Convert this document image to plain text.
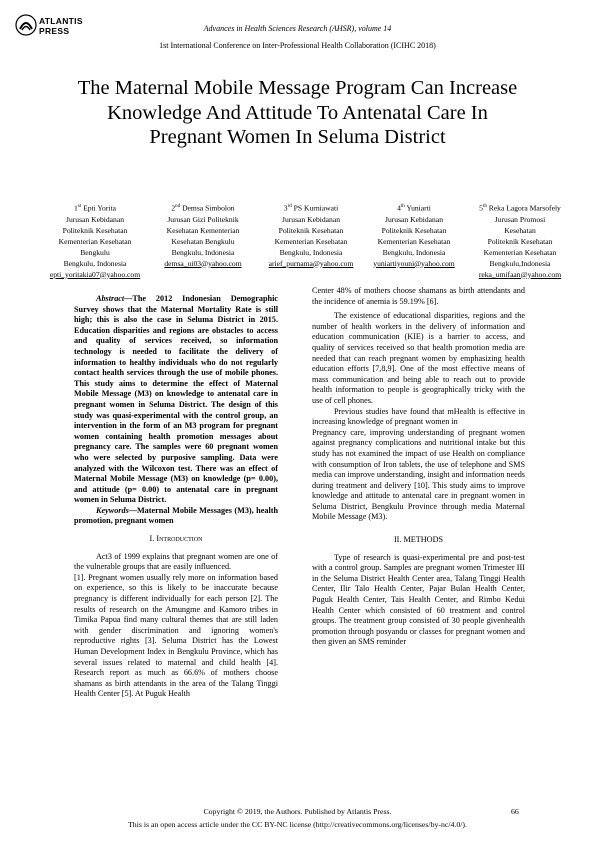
ATLANTIS
PRESS	Advances in Health Sciences Research (AHSR), volume 14
1st International Conference on Inter-Professional Health Collaboration (ICIHC 2018)
The Maternal Mobile Message Program Can Increase Knowledge And Attitude To Antenatal Care In Pregnant Women In Seluma District
1st Epti Yorita
Jurusan Kebidanan
Politeknik Kesehatan
Kementerian Kesehatan
Bengkulu
Bengkulu, Indonesia
epti_yoritakia07@yahoo.com
2nd Demsa Simbolon
Jurusan Gizi Politeknik
Kesehatan Kementerian
Kesehatan Bengkulu
Bengkulu, Indonesia
demsa_ui03@yahoo.com
3rd PS Kurniawati
Jurusan Kebidanan
Politeknik Kesehatan
Kementerian Kesehatan
Bengkulu, Indonesia
arief_purnama@yahoo.com
4th Yuniarti
Jurusan Kebidanan
Politeknik Kesehatan
Kementerian Kesehatan
Bengkulu, Indonesia
yuniartiyouni@yahoo.com
5th Reka Lagora Marsofely
Jurusan Promosi
Kesehatan
Politeknik Kesehatan
Kementerian Kesehatan
Bengkulu,Indonesia
reka_umifaan@yahoo.com

Abstract—The 2012 Indonesian Demographic Survey shows that the Maternal Mortality Rate is still high; this is also the case in Seluma District in 2015. Education disparities and regions are obstacles to access and quality of services received, so information technology is needed to facilitate the delivery of information to healthy individuals who do not regularly contact health services through the use of mobile phones. This study aims to determine the effect of Maternal Mobile Message (M3) on knowledge to antenatal care in pregnant women in Seluma District. The design of this study was quasi-experimental with the control group, an intervention in the form of an M3 program for pregnant women containing health promotion messages about pregnancy care. The samples were 60 pregnant women who were selected by purposive sampling. Data were analyzed with the Wilcoxon test. There was an effect of Maternal Mobile Message (M3) on knowledge (p= 0.00), and attitude (p= 0.00) to antenatal care in pregnant women in Seluma District.

Keywords—Maternal Mobile Messages (M3), health promotion, pregnant women

I. Introduction

Act3 of 1999 explains that pregnant women are one of the vulnerable groups that are easily influenced.

[1]. Pregnant women usually rely more on information based on experience, so this is likely to be inaccurate because pregnancy is different individually for each person [2]. The results of research on the Amungme and Kamoro tribes in Timika Papua find many cultural themes that are still laden with gender discrimination and ignoring women's reproductive rights [3]. Seluma District has the Lowest Human Development Index in Bengkulu Province, which has several issues related to maternal and child health [4]. Research report as much as 66.6% of mothers choose shamans as birth attendants in the area of the Talang Tinggi Health Center [5]. At Puguk Health

Center 48% of mothers choose shamans as birth attendants and the incidence of anemia is 59.19% [6].

The existence of educational disparities, regions and the number of health workers in the delivery of information and education communication (KIE) is a barrier to access, and quality of services received so that health promotion media are needed that can reach pregnant women by emphasizing health education efforts [7,8,9]. One of the most effective means of mass communication and being able to reach out to provide health information to people is geographically tricky with the use of cell phones.

Previous studies have found that mHealth is effective in increasing knowledge of pregnant women in

Pregnancy care, improving understanding of pregnant women against pregnancy complications and nutritional intake but this study has not examined the impact of use Health on compliance with consumption of Iron tablets, the use of telephone and SMS media can improve understanding, insight and information needs during treatment and delivery [10]. This study aims to improve knowledge and attitude to antenatal care in pregnant women in Seluma District, Bengkulu Province through media Maternal Mobile Message (M3).

II. METHODS

Type of research is quasi-experimental pre and post-test with a control group. Samples are pregnant women Trimester III in the Seluma District Health Center area, Talang Tinggi Health Center, Ilir Talo Health Center, Pajar Bulan Health Center, Puguk Health Center, Tais Health Center, and Rimbo Kedui Health Center which consisted of 60 treatment and control groups. The treatment group consisted of 30 people givenhealth promotion through posyandu or classes for pregnant women and then given an SMS reminder

Copyright © 2019, the Authors. Published by Atlantis Press.	66
This is an open access article under the CC BY-NC license (http://creativecommons.org/licenses/by-nc/4.0/).
